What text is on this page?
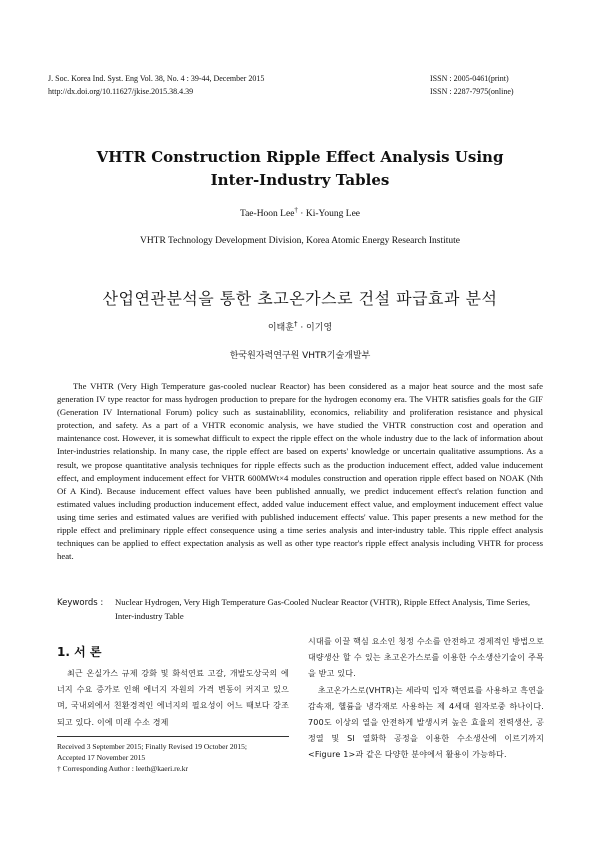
J. Soc. Korea Ind. Syst. Eng Vol. 38, No. 4 : 39-44, December 2015
http://dx.doi.org/10.11627/jkise.2015.38.4.39
ISSN : 2005-0461(print)
ISSN : 2287-7975(online)
VHTR Construction Ripple Effect Analysis Using
Inter-Industry Tables
Tae-Hoon Lee† · Ki-Young Lee
VHTR Technology Development Division, Korea Atomic Energy Research Institute
산업연관분석을 통한 초고온가스로 건설 파급효과 분석
이태훈† · 이기영
한국원자력연구원 VHTR기술개발부
The VHTR (Very High Temperature gas-cooled nuclear Reactor) has been considered as a major heat source and the most safe generation IV type reactor for mass hydrogen production to prepare for the hydrogen economy era. The VHTR satisfies goals for the GIF (Generation IV International Forum) policy such as sustainablility, economics, reliability and proliferation resistance and physical protection, and safety. As a part of a VHTR economic analysis, we have studied the VHTR construction cost and operation and maintenance cost. However, it is somewhat difficult to expect the ripple effect on the whole industry due to the lack of information about Inter-industries relationship. In many case, the ripple effect are based on experts' knowledge or uncertain qualitative assumptions. As a result, we propose quantitative analysis techniques for ripple effects such as the production inducement effect, added value inducement effect, and employment inducement effect for VHTR 600MWt×4 modules construction and operation ripple effect based on NOAK (Nth Of A Kind). Because inducement effect values have been published annually, we predict inducement effect's relation function and estimated values including production inducement effect, added value inducement effect value, and employment inducement effect value using time series and estimated values are verified with published inducement effects' value. This paper presents a new method for the ripple effect and preliminary ripple effect consequence using a time series analysis and inter-industry table. This ripple effect analysis techniques can be applied to effect expectation analysis as well as other type reactor's ripple effect analysis including VHTR for process heat.
Keywords : Nuclear Hydrogen, Very High Temperature Gas-Cooled Nuclear Reactor (VHTR), Ripple Effect Analysis, Time Series, Inter-industry Table
1. 서 론
최근 온실가스 규제 강화 및 화석연료 고갈, 개발도상국의 에너지 수요 증가로 인해 에너지 자원의 가격 변동이 커지고 있으며, 국내외에서 친환경적인 에너지의 필요성이 어느 때보다 강조되고 있다. 이에 미래 수소 경제

시대를 이끌 핵심 요소인 청정 수소를 안전하고 경제적인 방법으로 대량생산 할 수 있는 초고온가스로를 이용한 수소생산기술이 주목을 받고 있다.

초고온가스로(VHTR)는 세라믹 입자 핵연료를 사용하고 흑연을 감속재, 헬륨을 냉각재로 사용하는 제 4세대 원자로중 하나이다. 700도 이상의 열을 안전하게 발생시켜 높은 효율의 전력생산, 공정열 및 SI 열화학 공정을 이용한 수소생산에 이르기까지 <Figure 1>과 같은 다양한 분야에서 활용이 가능하다.

Received 3 September 2015; Finally Revised 19 October 2015;
Accepted 17 November 2015
† Corresponding Author : leeth@kaeri.re.kr
